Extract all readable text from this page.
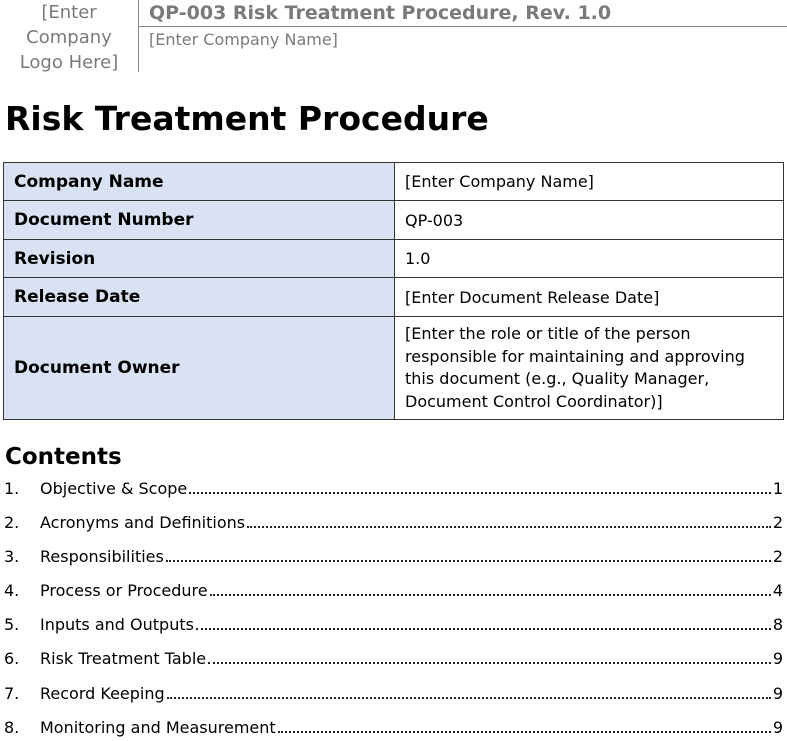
[Enter
Company
Logo Here]
QP-003 Risk Treatment Procedure, Rev. 1.0
[Enter Company Name]
Risk Treatment Procedure
Company Name	[Enter Company Name]
Document Number	QP-003
Revision	1.0
Release Date	[Enter Document Release Date]
Document Owner	[Enter the role or title of the person responsible for maintaining and approving this document (e.g., Quality Manager, Document Control Coordinator)]
Contents
1. Objective & Scope	1
2. Acronyms and Definitions	2
3. Responsibilities	2
4. Process or Procedure	4
5. Inputs and Outputs	8
6. Risk Treatment Table	9
7. Record Keeping	9
8. Monitoring and Measurement	9
